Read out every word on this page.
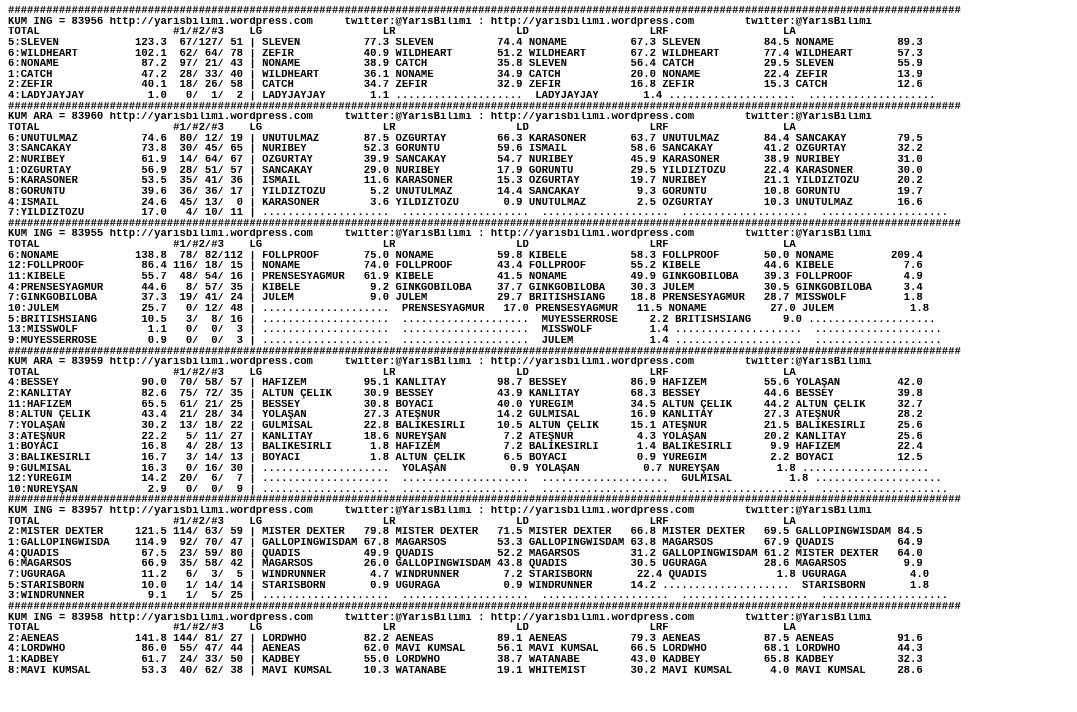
######################################################################################################################################################
KUM ING = 83956 http://yarisbilimi.wordpress.com     twitter:@YarisBilimi : http://yarisbilimi.wordpress.com        twitter:@YarisBilimi
TOTAL                     #1/#2/#3    LG                   LR                   LD                   LRF                  LA
5:SLEVEN            123.3  67/127/ 51 | SLEVEN          77.3 SLEVEN          74.4 NONAME          67.3 SLEVEN          84.5 NONAME          89.3
6:WILDHEART         102.1  62/ 64/ 78 | ZEFİR           40.9 WILDHEART       51.2 WILDHEART       67.2 WILDHEART       77.4 WILDHEART       57.3
6:NONAME             87.2  97/ 21/ 43 | NONAME          38.9 CATCH           35.8 SLEVEN          56.4 CATCH           29.5 SLEVEN          55.9
1:CATCH              47.2  28/ 33/ 40 | WILDHEART       36.1 NONAME          34.9 CATCH           20.0 NONAME          22.4 ZEFİR           13.9
2:ZEFİR              40.1  18/ 26/ 58 | CATCH           34.7 ZEFİR           32.9 ZEFİR           16.8 ZEFİR           15.3 CATCH           12.6
4:LADYJAYJAY          1.0   0/  1/  2 | LADYJAYJAY       1.1 ....................  LADYJAYJAY       1.4 ....................  ....................
######################################################################################################################################################
KUM ARA = 83960 http://yarisbilimi.wordpress.com     twitter:@YarisBilimi : http://yarisbilimi.wordpress.com        twitter:@YarisBilimi
TOTAL                     #1/#2/#3    LG                   LR                   LD                   LRF                  LA
6:UNUTULMAZ          74.6  80/ 12/ 19 | UNUTULMAZ       87.5 ÖZGÜRTAY        66.3 KARASONER       63.7 UNUTULMAZ       84.4 SANCAKAY        79.5
3:SANCAKAY           73.8  30/ 45/ 65 | NURİBEY         52.3 GÖRÜNTÜ         59.6 İSMAİL          58.6 SANCAKAY        41.2 ÖZGÜRTAY        32.2
2:NURİBEY            61.9  14/ 64/ 67 | ÖZGÜRTAY        39.9 SANCAKAY        54.7 NURİBEY         45.9 KARASONER       38.9 NURİBEY         31.0
1:ÖZGÜRTAY           56.9  28/ 51/ 57 | SANCAKAY        29.0 NURİBEY         17.9 GÖRÜNTÜ         29.5 YILDIZTOZU      22.4 KARASONER       30.0
5:KARASONER          53.5  35/ 41/ 36 | İSMAİL          11.6 KARASONER       15.3 ÖZGÜRTAY        19.7 NURİBEY         21.1 YILDIZTOZU      20.2
8:GÖRÜNTÜ            39.6  36/ 36/ 17 | YILDIZTOZU       5.2 UNUTULMAZ       14.4 SANCAKAY         9.3 GÖRÜNTÜ         10.8 GÖRÜNTÜ         19.7
4:İSMAİL             24.6  45/ 13/  0 | KARASONER        3.6 YILDIZTOZU       0.9 UNUTULMAZ        2.5 ÖZGÜRTAY        10.3 UNUTULMAZ       16.6
7:YILDIZTOZU         17.0   4/ 10/ 11 | ....................  ....................  ....................  ....................  ....................
######################################################################################################################################################
KUM ING = 83955 http://yarisbilimi.wordpress.com     twitter:@YarisBilimi : http://yarisbilimi.wordpress.com        twitter:@YarisBilimi
TOTAL                     #1/#2/#3    LG                   LR                   LD                   LRF                  LA
6:NONAME            138.8  78/ 82/112 | FOLLPROOF       75.0 NONAME          59.8 KİBELE          58.3 FOLLPROOF       50.0 NONAME         209.4
12:FOLLPROOF         86.4 116/ 18/ 15 | NONAME          74.0 FOLLPROOF       43.4 FOLLPROOF       55.2 KİBELE          44.6 KİBELE           7.6
11:KİBELE            55.7  48/ 54/ 16 | PRENSESYAĞMUR   61.9 KİBELE          41.5 NONAME          49.9 GINKGOBILOBA    39.3 FOLLPROOF        4.9
4:PRENSESYAĞMUR      44.6   8/ 57/ 35 | KİBELE           9.2 GINKGOBILOBA    37.7 GINKGOBILOBA    30.3 JULEM           30.5 GINKGOBILOBA     3.4
7:GINKGOBILOBA       37.3  19/ 41/ 24 | JULEM            9.0 JULEM           29.7 BRITISHSIANG    18.8 PRENSESYAĞMUR   28.7 MISSWOLF         1.8
10:JULEM             25.7   0/ 12/ 48 | ....................  PRENSESYAĞMUR   17.0 PRENSESYAĞMUR   11.5 NONAME          27.0 JULEM            1.8
5:BRITISHSIANG       10.5   3/  8/ 16 | ....................  ....................  MÜYESSERROSE     2.2 BRITISHSIANG     9.0 ....................
13:MISSWOLF           1.1   0/  0/  3 | ....................  ....................  MISSWOLF         1.4 ....................  ....................
9:MÜYESSERROSE        0.9   0/  0/  3 | ....................  ....................  JULEM            1.4 ....................  ....................
######################################################################################################################################################
KUM ARA = 83959 http://yarisbilimi.wordpress.com     twitter:@YarisBilimi : http://yarisbilimi.wordpress.com        twitter:@YarisBilimi
TOTAL                     #1/#2/#3    LG                   LR                   LD                   LRF                  LA
4:BESSEY             90.0  70/ 58/ 57 | HAFİZEM         95.1 KANLITAY        98.7 BESSEY          86.9 HAFİZEM         55.6 YOLAŞAN         42.0
2:KANLITAY           82.6  75/ 72/ 35 | ALTUN ÇELİK     30.9 BESSEY          43.9 KANLITAY        68.3 BESSEY          44.6 BESSEY          39.8
11:HAFİZEM           65.5  61/ 21/ 25 | BESSEY          30.8 BOYACI          40.0 YÜREĞİM         34.5 ALTUN ÇELİK     44.2 ALTUN ÇELİK     32.7
8:ALTUN ÇELİK        43.4  21/ 28/ 34 | YOLAŞAN         27.3 ATEŞNUR         14.2 GÜLMİSAL        16.9 KANLITAY        27.3 ATEŞNUR         28.2
7:YOLAŞAN            30.2  13/ 18/ 22 | GÜLMİSAL        22.8 BALİKESİRLİ     10.5 ALTUN ÇELİK     15.1 ATEŞNUR         21.5 BALİKESİRLİ     25.6
3:ATEŞNUR            22.2   5/ 11/ 27 | KANLITAY        18.6 NUREYŞAN         7.2 ATEŞNUR          4.3 YOLAŞAN         20.2 KANLITAY        25.6
1:BOYACI             16.8   4/ 28/ 13 | BALİKESİRLİ      1.8 HAFİZEM          7.2 BALİKESİRLİ      1.4 BALİKESİRLİ      9.9 HAFİZEM         22.4
3:BALİKESİRLİ        16.7   3/ 14/ 13 | BOYACI           1.8 ALTUN ÇELİK      6.5 BOYACI           0.9 YÜREĞİM          2.2 BOYACI          12.5
9:GÜLMİSAL           16.3   0/ 16/ 30 | ....................  YOLAŞAN          0.9 YOLAŞAN          0.7 NUREYŞAN         1.8 ....................
12:YÜREĞİM           14.2  20/  6/  7 | ....................  ....................  ....................  GÜLMİSAL         1.8 ....................
10:NUREYŞAN           2.9   0/  0/  9 | ....................  ....................  ....................  ....................  ....................
######################################################################################################################################################
KUM ING = 83957 http://yarisbilimi.wordpress.com     twitter:@YarisBilimi : http://yarisbilimi.wordpress.com        twitter:@YarisBilimi
TOTAL                     #1/#2/#3    LG                   LR                   LD                   LRF                  LA
2:MISTER DEXTER     121.5 114/ 63/ 59 | MISTER DEXTER   79.8 MISTER DEXTER   71.5 MISTER DEXTER   66.8 MISTER DEXTER   69.5 GALLOPINGWISDAM 84.5
1:GALLOPINGWISDA    114.9  92/ 70/ 47 | GALLOPINGWISDAM 67.8 MAGARSOS        53.3 GALLOPINGWISDAM 63.8 MAGARSOS        67.9 QUADIS          64.9
4:QUADIS             67.5  23/ 59/ 80 | QUADIS          49.9 QUADIS          52.2 MAGARSOS        31.2 GALLOPINGWISDAM 61.2 MISTER DEXTER   64.0
6:MAGARSOS           66.9  35/ 58/ 42 | MAGARSOS        26.0 GALLOPINGWISDAM 43.8 QUADIS          30.5 UĞURAĞA         28.6 MAGARSOS         9.9
7:UĞURAĞA            11.2   6/  3/  5 | WINDRUNNER       4.7 WINDRUNNER       7.2 STARISBORN       22.4 QUADIS           1.8 UĞURAĞA          4.0
5:STARISBORN         10.0   1/ 14/ 14 | STARISBORN       0.9 UĞURAĞA          0.9 WINDRUNNER      14.2 ....................  STARISBORN       1.8
3:WINDRUNNER          9.1   1/  5/ 25 | ....................  ....................  ....................  ....................  ....................
######################################################################################################################################################
KUM ING = 83958 http://yarisbilimi.wordpress.com     twitter:@YarisBilimi : http://yarisbilimi.wordpress.com        twitter:@YarisBilimi
TOTAL                     #1/#2/#3    LG                   LR                   LD                   LRF                  LA
2:AENEAS            141.8 144/ 81/ 27 | LORDWHO         82.2 AENEAS          89.1 AENEAS          79.3 AENEAS          87.5 AENEAS          91.6
4:LORDWHO            86.0  55/ 47/ 44 | AENEAS          62.0 MAVİ KUMSAL     56.1 MAVİ KUMSAL     66.5 LORDWHO         68.1 LORDWHO         44.3
1:KADBEY             61.7  24/ 33/ 50 | KADBEY          55.0 LORDWHO         38.7 WATANABE        43.0 KADBEY          65.8 KADBEY          32.3
8:MAVİ KUMSAL        53.3  40/ 62/ 38 | MAVİ KUMSAL     10.3 WATANABE        19.1 WHITEMIST       30.2 MAVİ KUMSAL      4.0 MAVİ KUMSAL     28.6
